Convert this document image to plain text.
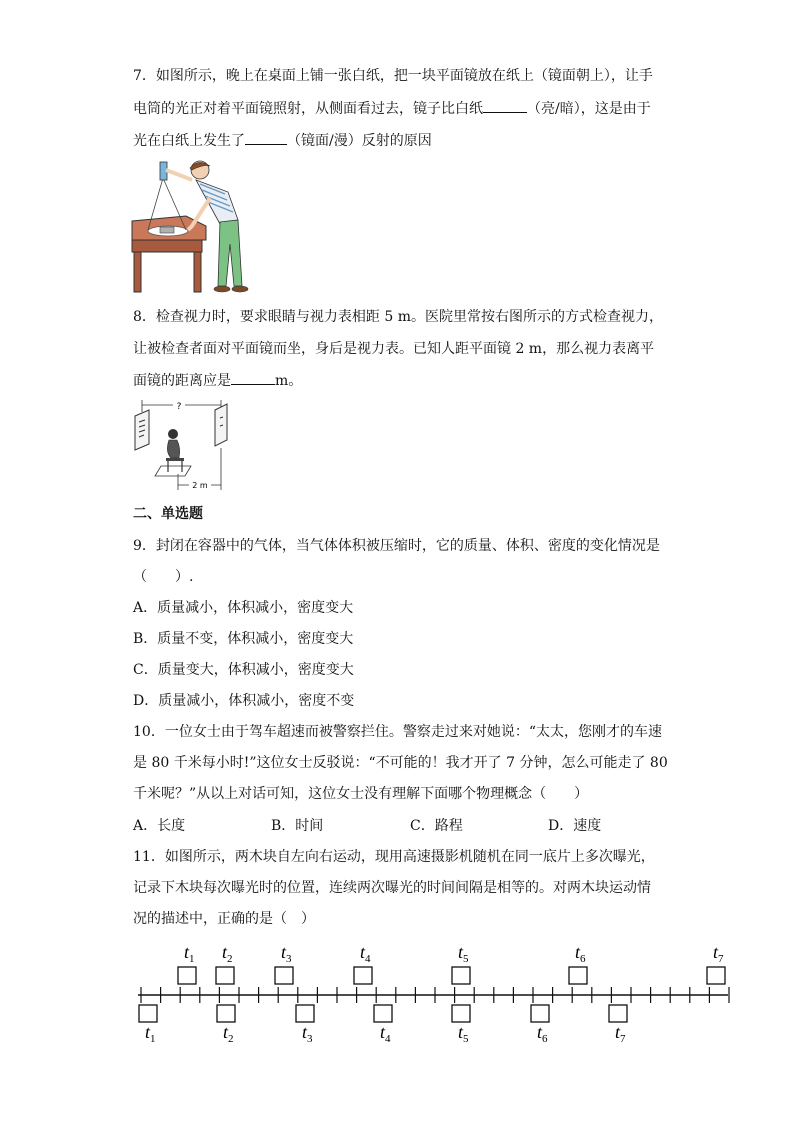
7．如图所示，晚上在桌面上铺一张白纸，把一块平面镜放在纸上（镜面朝上），让手
电筒的光正对着平面镜照射，从侧面看过去，镜子比白纸	（亮/暗），这是由于
光在白纸上发生了	（镜面/漫）反射的原因
8．检查视力时，要求眼睛与视力表相距 5 m。医院里常按右图所示的方式检查视力，
让被检查者面对平面镜而坐，身后是视力表。已知人距平面镜 2 m，那么视力表离平
面镜的距离应是	m。
?
2 m
二、单选题
9．封闭在容器中的气体，当气体体积被压缩时，它的质量、体积、密度的变化情况是
（　　）.
A．质量减小，体积减小，密度变大
B．质量不变，体积减小，密度变大
C．质量变大，体积减小，密度变大
D．质量减小，体积减小，密度不变
10．一位女士由于驾车超速而被警察拦住。警察走过来对她说：“太太，您刚才的车速
是 80 千米每小时!”这位女士反驳说：“不可能的！我才开了 7 分钟，怎么可能走了 80
千米呢？”从以上对话可知，这位女士没有理解下面哪个物理概念（　　）
A．长度	B．时间	C．路程	D．速度
11．如图所示，两木块自左向右运动，现用高速摄影机随机在同一底片上多次曝光，
记录下木块每次曝光时的位置，连续两次曝光的时间间隔是相等的。对两木块运动情
况的描述中，正确的是（　）
$t_1$ $t_2$	$t_3$	$t_4$	$t_5$	$t_6$	$t_7$
$t_1$	$t_2$	$t_3$	$t_4$	$t_5$	$t_6$	$t_7$
